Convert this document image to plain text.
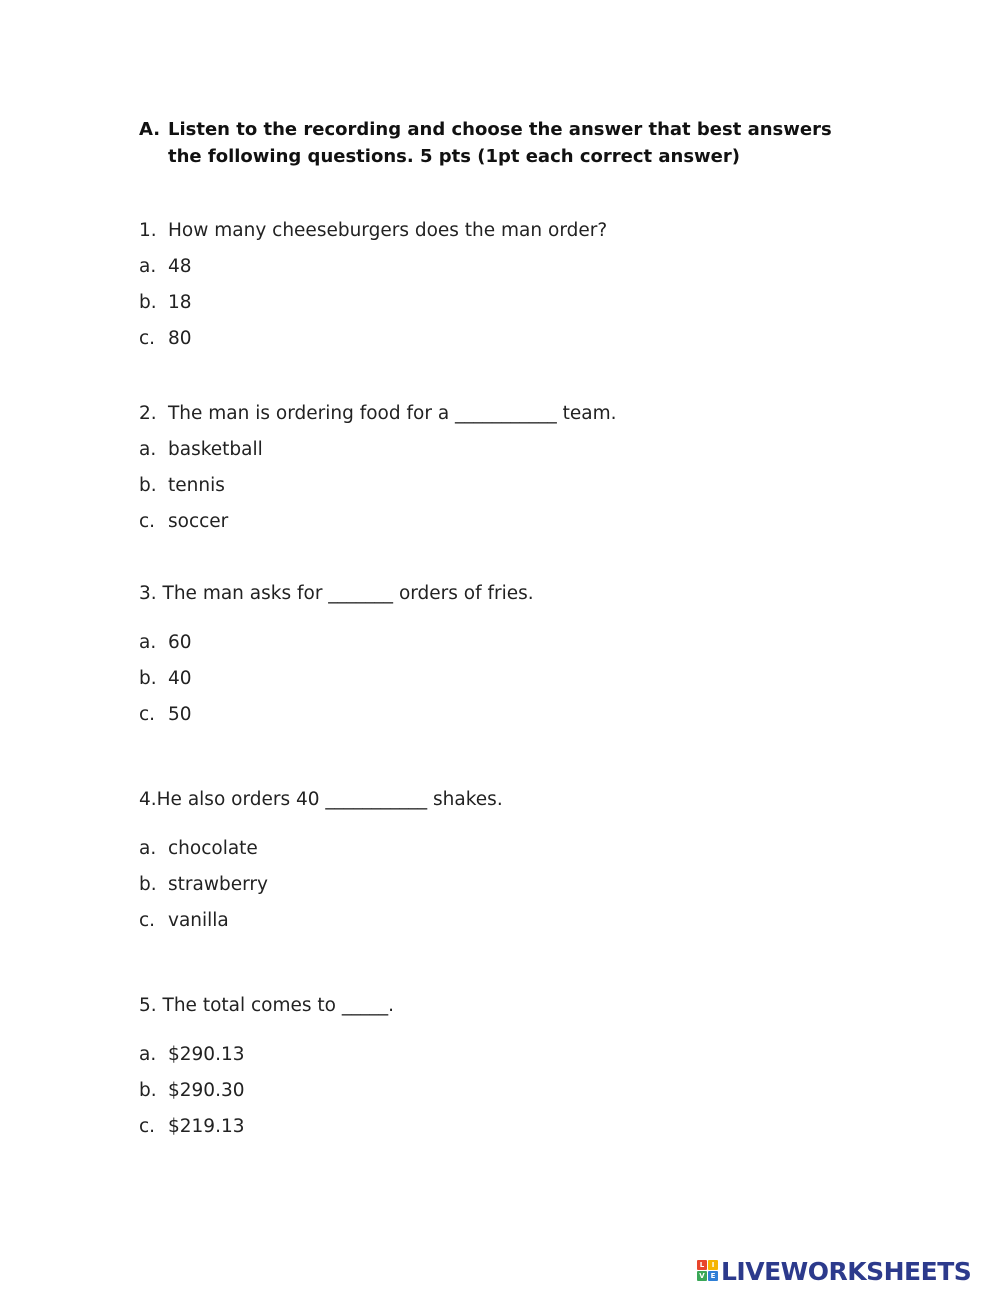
A. Listen to the recording and choose the answer that best answers the following questions. 5 pts (1pt each correct answer)
1. How many cheeseburgers does the man order?
a. 48
b. 18
c. 80
2. The man is ordering food for a ___________ team.
a. basketball
b. tennis
c. soccer
3. The man asks for _______ orders of fries.
a. 60
b. 40
c. 50
4.He also orders 40 ___________ shakes.
a. chocolate
b. strawberry
c. vanilla
5. The total comes to _____.
a. $290.13
b. $290.30
c. $219.13
L	I
V E LIVEWORKSHEETS
